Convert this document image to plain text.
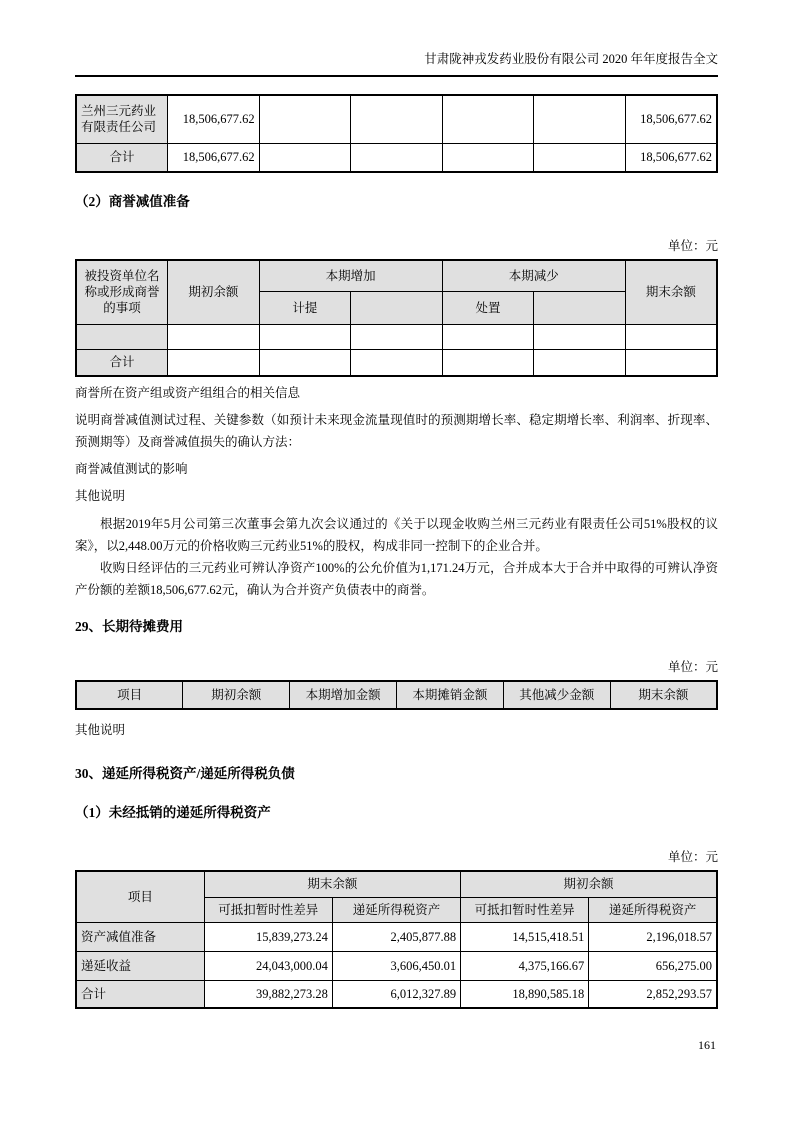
甘肃陇神戎发药业股份有限公司 2020 年年度报告全文
兰州三元药业有限责任公司	18,506,677.62					18,506,677.62
合计	18,506,677.62					18,506,677.62
（2）商誉减值准备
单位：元
被投资单位名称或形成商誉的事项	期初余额	本期增加		本期减少		期末余额
		计提		处置		

合计						
商誉所在资产组或资产组组合的相关信息
说明商誉减值测试过程、关键参数（如预计未来现金流量现值时的预测期增长率、稳定期增长率、利润率、折现率、预测期等）及商誉减值损失的确认方法：
商誉减值测试的影响
其他说明

根据2019年5月公司第三次董事会第九次会议通过的《关于以现金收购兰州三元药业有限责任公司51%股权的议案》，以2,448.00万元的价格收购三元药业51%的股权，构成非同一控制下的企业合并。

收购日经评估的三元药业可辨认净资产100%的公允价值为1,171.24万元，合并成本大于合并中取得的可辨认净资产份额的差额18,506,677.62元，确认为合并资产负债表中的商誉。

29、长期待摊费用
单位：元
项目	期初余额	本期增加金额	本期摊销金额	其他减少金额	期末余额
其他说明
30、递延所得税资产/递延所得税负债
（1）未经抵销的递延所得税资产
单位：元
项目	期末余额		期初余额	
	可抵扣暂时性差异	递延所得税资产	可抵扣暂时性差异	递延所得税资产
资产减值准备	15,839,273.24	2,405,877.88	14,515,418.51	2,196,018.57
递延收益	24,043,000.04	3,606,450.01	4,375,166.67	656,275.00
合计	39,882,273.28	6,012,327.89	18,890,585.18	2,852,293.57
161
